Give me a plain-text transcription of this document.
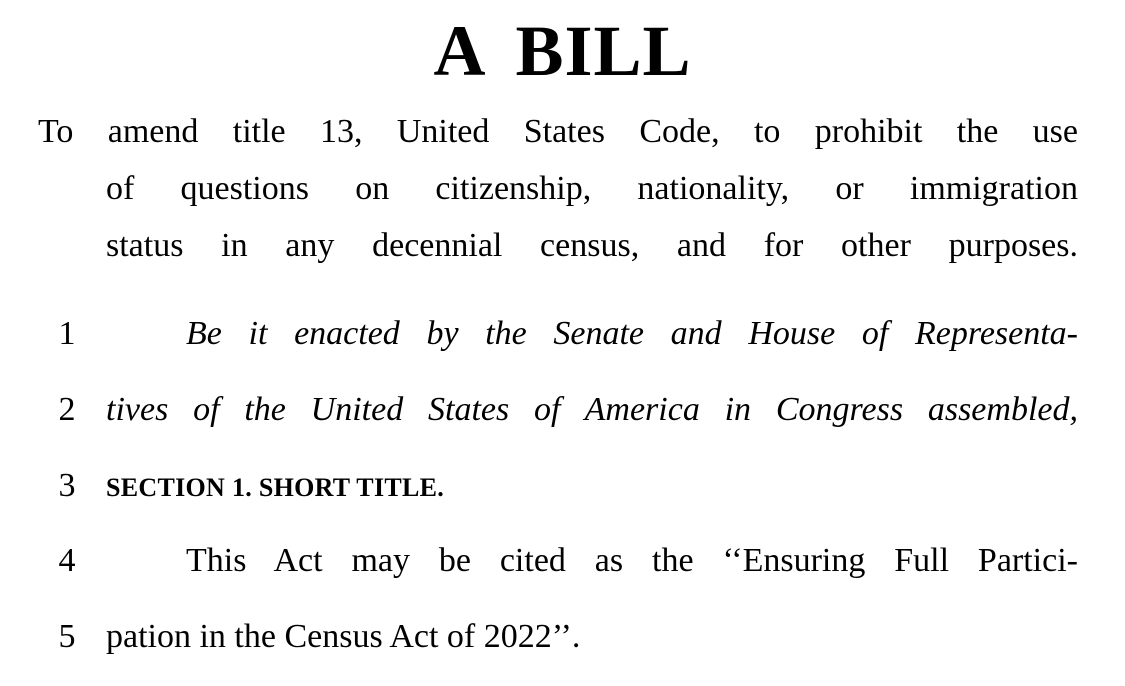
A BILL
To amend title 13, United States Code, to prohibit the use
of questions on citizenship, nationality, or immigration
status in any decennial census, and for other purposes.
1	Be it enacted by the Senate and House of Representa-
2 tives of the United States of America in Congress assembled,
3	SECTION 1. SHORT TITLE.
4	This Act may be cited as the ‘‘Ensuring Full Partici-
5 pation in the Census Act of 2022’’.
